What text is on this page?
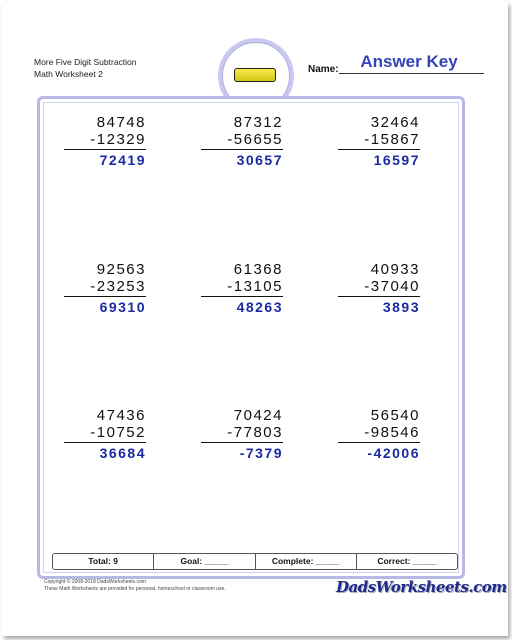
More Five Digit Subtraction
Math Worksheet 2	Name:	Answer Key
84748
-12329
72419
87312
-56655
30657
32464
-15867
16597
92563
-23253
69310
61368
-13105
48263
40933
-37040
3893
47436
-10752
36684
70424
-77803
-7379
56540
-98546
-42006
Total: 9	Goal: _____	Complete: _____	Correct: _____
Copyright © 2008-2018 DadsWorksheets.com
These Math Worksheets are provided for personal, homeschool or classroom use.	DadsWorksheets.com
